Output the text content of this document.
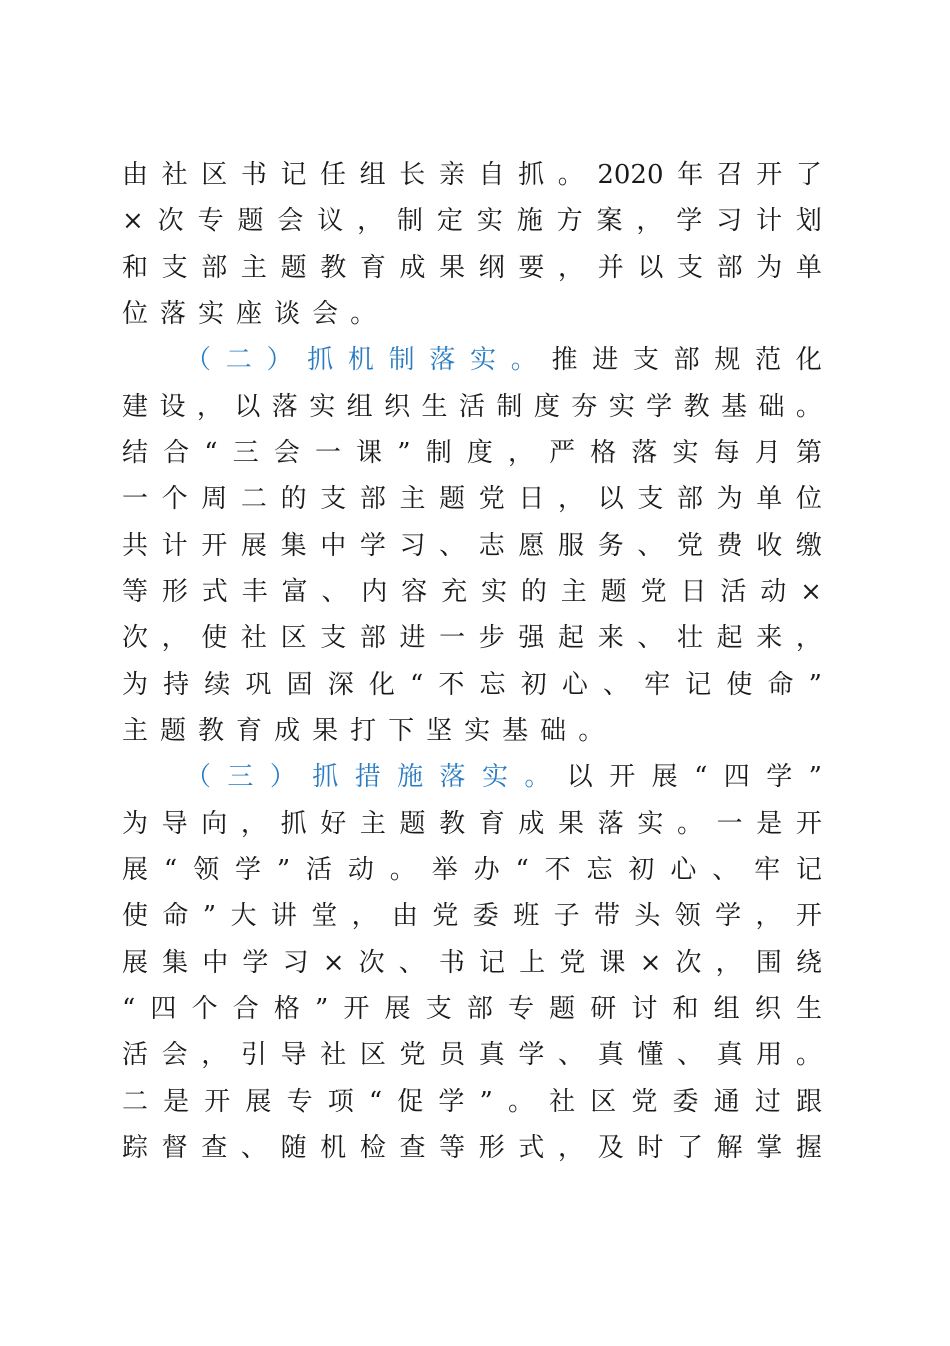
由 社 区 书 记 任 组 长 亲 自 抓 。 2020 年 召 开 了
× 次 专 题 会 议 ， 制 定 实 施 方 案 ， 学 习 计 划
和 支 部 主 题 教 育 成 果 纲 要 ， 并 以 支 部 为 单
位 落 实 座 谈 会 。
（ 二 ） 抓 机 制 落 实 。 推 进 支 部 规 范 化
建 设 ， 以 落 实 组 织 生 活 制 度 夯 实 学 教 基 础 。
结 合 “ 三 会 一 课 ” 制 度 ， 严 格 落 实 每 月 第
一 个 周 二 的 支 部 主 题 党 日 ， 以 支 部 为 单 位
共 计 开 展 集 中 学 习 、 志 愿 服 务 、 党 费 收 缴
等 形 式 丰 富 、 内 容 充 实 的 主 题 党 日 活 动 ×
次 ， 使 社 区 支 部 进 一 步 强 起 来 、 壮 起 来 ，
为 持 续 巩 固 深 化 “ 不 忘 初 心 、 牢 记 使 命 ”
主 题 教 育 成 果 打 下 坚 实 基 础 。
（ 三 ） 抓 措 施 落 实 。 以 开 展 “ 四 学 ”
为 导 向 ， 抓 好 主 题 教 育 成 果 落 实 。 一 是 开
展 “ 领 学 ” 活 动 。 举 办 “ 不 忘 初 心 、 牢 记
使 命 ” 大 讲 堂 ， 由 党 委 班 子 带 头 领 学 ， 开
展 集 中 学 习 × 次 、 书 记 上 党 课 × 次 ， 围 绕
“ 四 个 合 格 ” 开 展 支 部 专 题 研 讨 和 组 织 生
活 会 ， 引 导 社 区 党 员 真 学 、 真 懂 、 真 用 。
二 是 开 展 专 项 “ 促 学 ” 。 社 区 党 委 通 过 跟
踪 督 查 、 随 机 检 查 等 形 式 ， 及 时 了 解 掌 握
